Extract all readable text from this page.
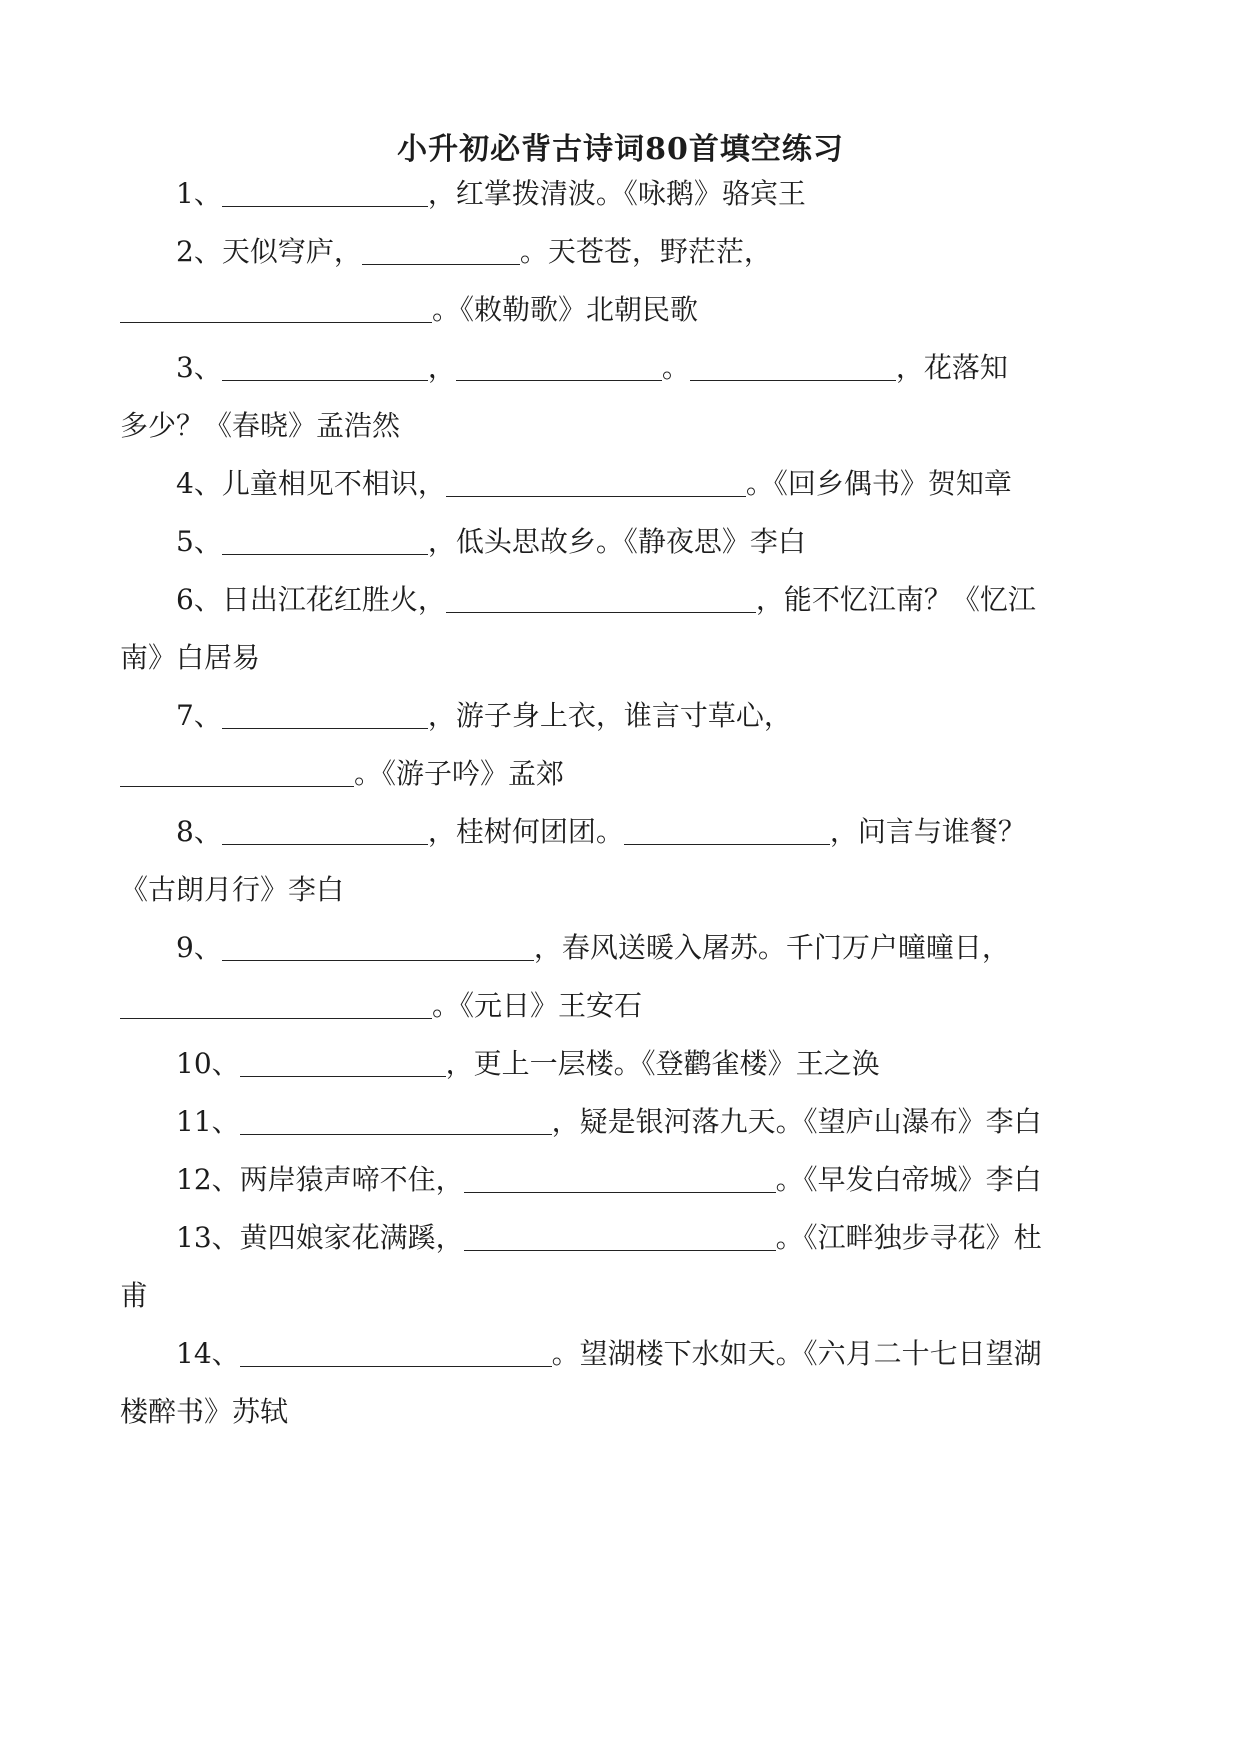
小升初必背古诗词80首填空练习
1、	，红掌拨清波。《咏鹅》骆宾王
2、天似穹庐，	。天苍苍，野茫茫，
。《敕勒歌》北朝民歌
3、	，	。	，花落知
多少？《春晓》孟浩然
4、儿童相见不相识，	。《回乡偶书》贺知章
5、	，低头思故乡。《静夜思》李白
6、日出江花红胜火，	，能不忆江南？《忆江
南》白居易
7、	，游子身上衣，谁言寸草心，
。《游子吟》孟郊
8、	，桂树何团团。	，问言与谁餐？
《古朗月行》李白
9、	，春风送暖入屠苏。千门万户曈曈日，
。《元日》王安石
10、	，更上一层楼。《登鹳雀楼》王之涣
11、	，疑是银河落九天。《望庐山瀑布》李白
12、两岸猿声啼不住，	。《早发白帝城》李白
13、黄四娘家花满蹊，	。《江畔独步寻花》杜
甫
14、	。望湖楼下水如天。《六月二十七日望湖
楼醉书》苏轼
